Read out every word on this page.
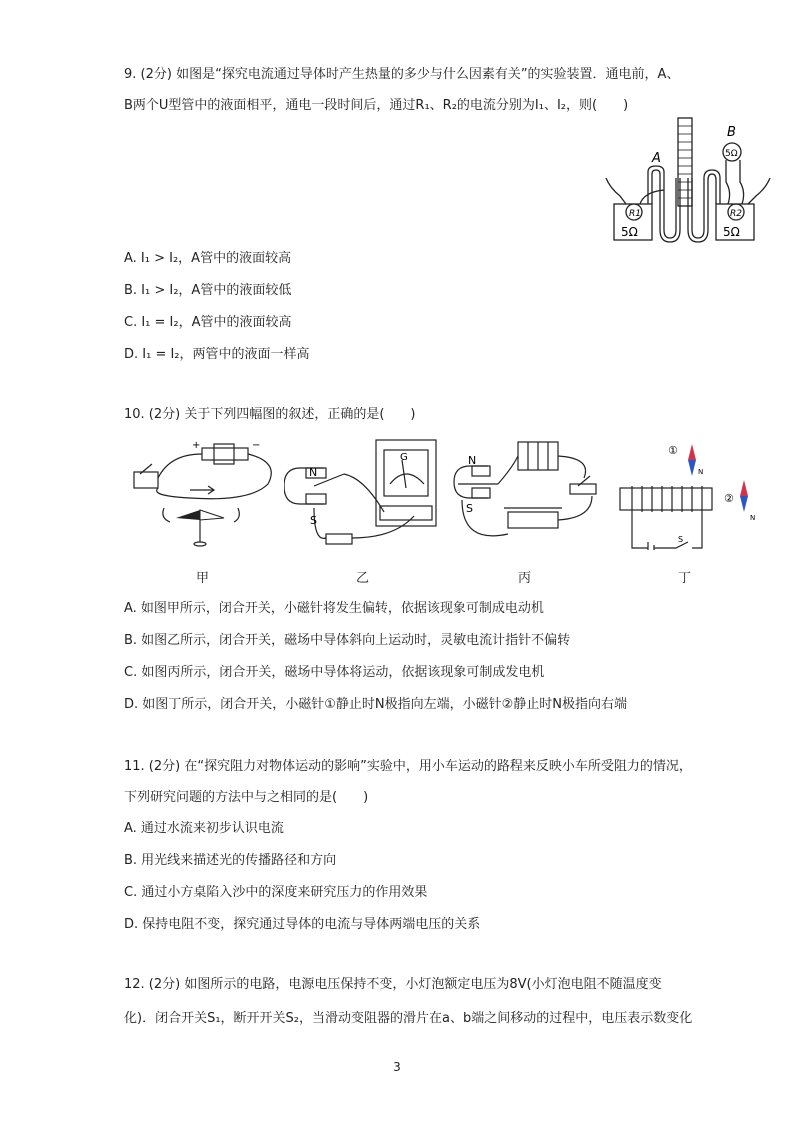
9. (2分) 如图是“探究电流通过导体时产生热量的多少与什么因素有关”的实验装置．通电前，A、
B两个U型管中的液面相平，通电一段时间后，通过R₁、R₂的电流分别为I₁、I₂，则(　　)
A
B
R1	R2
5Ω	5Ω
5Ω
A. I₁ > I₂，A管中的液面较高
B. I₁ > I₂，A管中的液面较低
C. I₁ = I₂，A管中的液面较高
D. I₁ = I₂，两管中的液面一样高
10. (2分) 关于下列四幅图的叙述，正确的是(　　)
+	−
N
S
G	N
S
①
②
N
N
S
甲	乙	丙	丁
A. 如图甲所示，闭合开关，小磁针将发生偏转，依据该现象可制成电动机
B. 如图乙所示，闭合开关，磁场中导体斜向上运动时，灵敏电流计指针不偏转
C. 如图丙所示，闭合开关，磁场中导体将运动，依据该现象可制成发电机
D. 如图丁所示，闭合开关，小磁针①静止时N极指向左端，小磁针②静止时N极指向右端
11. (2分) 在“探究阻力对物体运动的影响”实验中，用小车运动的路程来反映小车所受阻力的情况，
下列研究问题的方法中与之相同的是(　　)
A. 通过水流来初步认识电流
B. 用光线来描述光的传播路径和方向
C. 通过小方桌陷入沙中的深度来研究压力的作用效果
D. 保持电阻不变，探究通过导体的电流与导体两端电压的关系
12. (2分) 如图所示的电路，电源电压保持不变，小灯泡额定电压为8V(小灯泡电阻不随温度变
化)．闭合开关S₁，断开开关S₂，当滑动变阻器的滑片在a、b端之间移动的过程中，电压表示数变化
3
